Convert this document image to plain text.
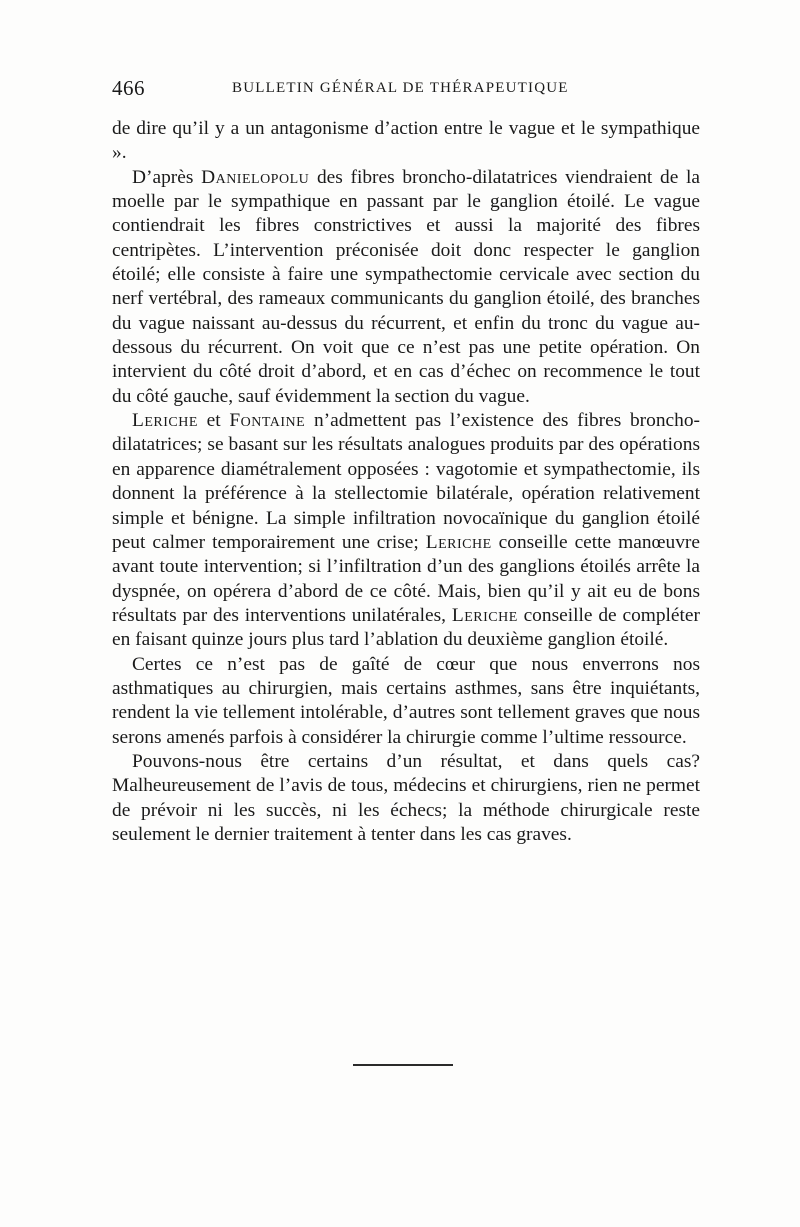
466	BULLETIN GÉNÉRAL DE THÉRAPEUTIQUE

de dire qu’il y a un antagonisme d’action entre le vague et le sympathique ».

D’après Danielopolu des fibres broncho-dilatatrices viendraient de la moelle par le sympathique en passant par le ganglion étoilé. Le vague contiendrait les fibres constrictives et aussi la majorité des fibres centripètes. L’intervention préconisée doit donc respecter le ganglion étoilé; elle consiste à faire une sympathectomie cervicale avec section du nerf vertébral, des rameaux communicants du ganglion étoilé, des branches du vague naissant au-dessus du récurrent, et enfin du tronc du vague au-dessous du récurrent. On voit que ce n’est pas une petite opération. On intervient du côté droit d’abord, et en cas d’échec on recommence le tout du côté gauche, sauf évidemment la section du vague.

Leriche et Fontaine n’admettent pas l’existence des fibres broncho-dilatatrices; se basant sur les résultats analogues produits par des opérations en apparence diamétralement opposées : vagotomie et sympathectomie, ils donnent la préférence à la stellectomie bilatérale, opération relativement simple et bénigne. La simple infiltration novocaïnique du ganglion étoilé peut calmer temporairement une crise; Leriche conseille cette manœuvre avant toute intervention; si l’infiltration d’un des ganglions étoilés arrête la dyspnée, on opérera d’abord de ce côté. Mais, bien qu’il y ait eu de bons résultats par des interventions unilatérales, Leriche conseille de compléter en faisant quinze jours plus tard l’ablation du deuxième ganglion étoilé.

Certes ce n’est pas de gaîté de cœur que nous enverrons nos asthmatiques au chirurgien, mais certains asthmes, sans être inquiétants, rendent la vie tellement intolérable, d’autres sont tellement graves que nous serons amenés parfois à considérer la chirurgie comme l’ultime ressource.

Pouvons-nous être certains d’un résultat, et dans quels cas? Malheureusement de l’avis de tous, médecins et chirurgiens, rien ne permet de prévoir ni les succès, ni les échecs; la méthode chirurgicale reste seulement le dernier traitement à tenter dans les cas graves.
